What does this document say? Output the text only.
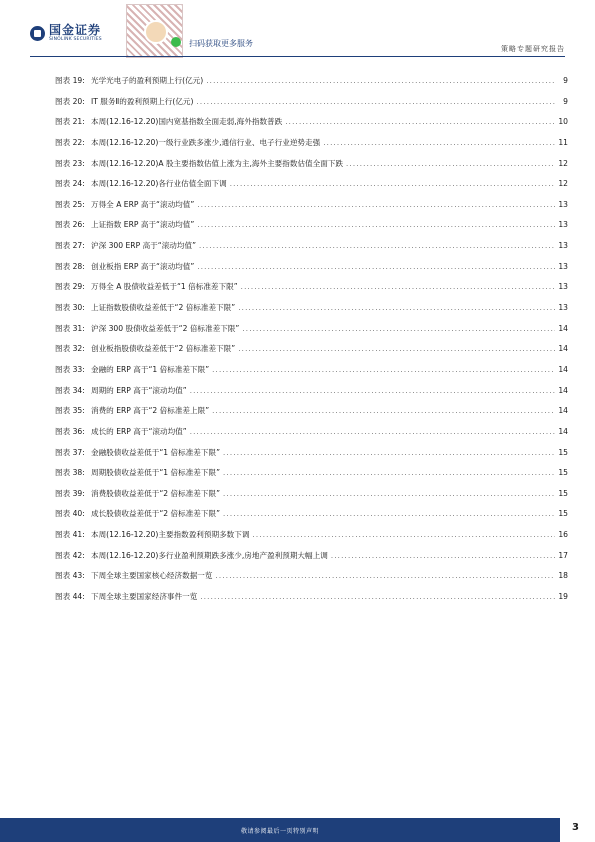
国金证券
SINOLINK SECURITIES	扫码获取更多服务
策略专题研究报告
图表 19: 光学光电子的盈利预期上行(亿元) .....	9
图表 20: IT 服务Ⅱ的盈利预期上行(亿元) .....	9
图表 21: 本周(12.16-12.20)国内宽基指数全面走弱,海外指数普跌 .....	10
图表 22: 本周(12.16-12.20)一级行业跌多涨少,通信行业、电子行业逆势走强 .....	11
图表 23: 本周(12.16-12.20)A 股主要指数估值上涨为主,海外主要指数估值全面下跌 .....	12
图表 24: 本周(12.16-12.20)各行业估值全面下调 .....	12
图表 25: 万得全 A ERP 高于“滚动均值” .....	13
图表 26: 上证指数 ERP 高于“滚动均值” .....	13
图表 27: 沪深 300 ERP 高于“滚动均值” .....	13
图表 28: 创业板指 ERP 高于“滚动均值” .....	13
图表 29: 万得全 A 股债收益差低于“1 倍标准差下限” .....	13
图表 30: 上证指数股债收益差低于“2 倍标准差下限” .....	13
图表 31: 沪深 300 股债收益差低于“2 倍标准差下限” .....	14
图表 32: 创业板指股债收益差低于“2 倍标准差下限” .....	14
图表 33: 金融的 ERP 高于“1 倍标准差下限” .....	14
图表 34: 周期的 ERP 高于“滚动均值” .....	14
图表 35: 消费的 ERP 高于“2 倍标准差上限” .....	14
图表 36: 成长的 ERP 高于“滚动均值” .....	14
图表 37: 金融股债收益差低于“1 倍标准差下限” .....	15
图表 38: 周期股债收益差低于“1 倍标准差下限” .....	15
图表 39: 消费股债收益差低于“2 倍标准差下限” .....	15
图表 40: 成长股债收益差低于“2 倍标准差下限” .....	15
图表 41: 本周(12.16-12.20)主要指数盈利预期多数下调 .....	16
图表 42: 本周(12.16-12.20)多行业盈利预期跌多涨少,房地产盈利预期大幅上调 .....	17
图表 43: 下周全球主要国家核心经济数据一览 .....	18
图表 44: 下周全球主要国家经济事件一览 .....	19
敬请参阅最后一页特别声明	3
